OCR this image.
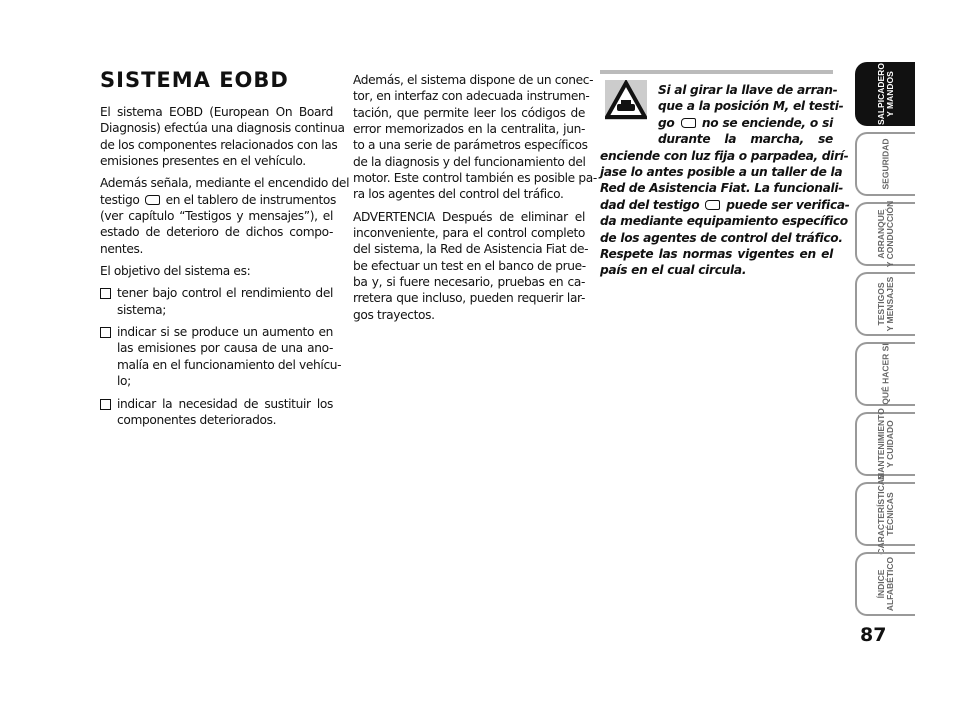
SISTEMA EOBD
El sistema EOBD (European On Board
Diagnosis) efectúa una diagnosis continua
de los componentes relacionados con las
emisiones presentes en el vehículo.
Además señala, mediante el encendido del
testigo en el tablero de instrumentos
(ver capítulo “Testigos y mensajes”), el
estado de deterioro de dichos compo-
nentes.
El objetivo del sistema es:
tener bajo control el rendimiento del
sistema;
indicar si se produce un aumento en
las emisiones por causa de una ano-
malía en el funcionamiento del vehícu-
lo;
indicar la necesidad de sustituir los
componentes deteriorados.
Además, el sistema dispone de un conec-
tor, en interfaz con adecuada instrumen-
tación, que permite leer los códigos de
error memorizados en la centralita, jun-
to a una serie de parámetros específicos
de la diagnosis y del funcionamiento del
motor. Este control también es posible pa-
ra los agentes del control del tráfico.
ADVERTENCIA Después de eliminar el
inconveniente, para el control completo
del sistema, la Red de Asistencia Fiat de-
be efectuar un test en el banco de prue-
ba y, si fuere necesario, pruebas en ca-
rretera que incluso, pueden requerir lar-
gos trayectos.
Si al girar la llave de arran-
que a la posición M, el testi-
go no se enciende, o si
durante la marcha, se
enciende con luz fija o parpadea, dirí-
jase lo antes posible a un taller de la
Red de Asistencia Fiat. La funcionali-
dad del testigo puede ser verifica-
da mediante equipamiento específico
de los agentes de control del tráfico.
Respete las normas vigentes en el
país en el cual circula.
SALPICADERO
Y MANDOS
SEGURIDAD
ARRANQUE
Y CONDUCCIÓN
TESTIGOS
Y MENSAJES
QUÉ HACER SI
MANTENIMIENTO
Y CUIDADO
CARACTERÍSTICAS
TÉCNICAS
ÍNDICE
ALFABÉTICO
87
